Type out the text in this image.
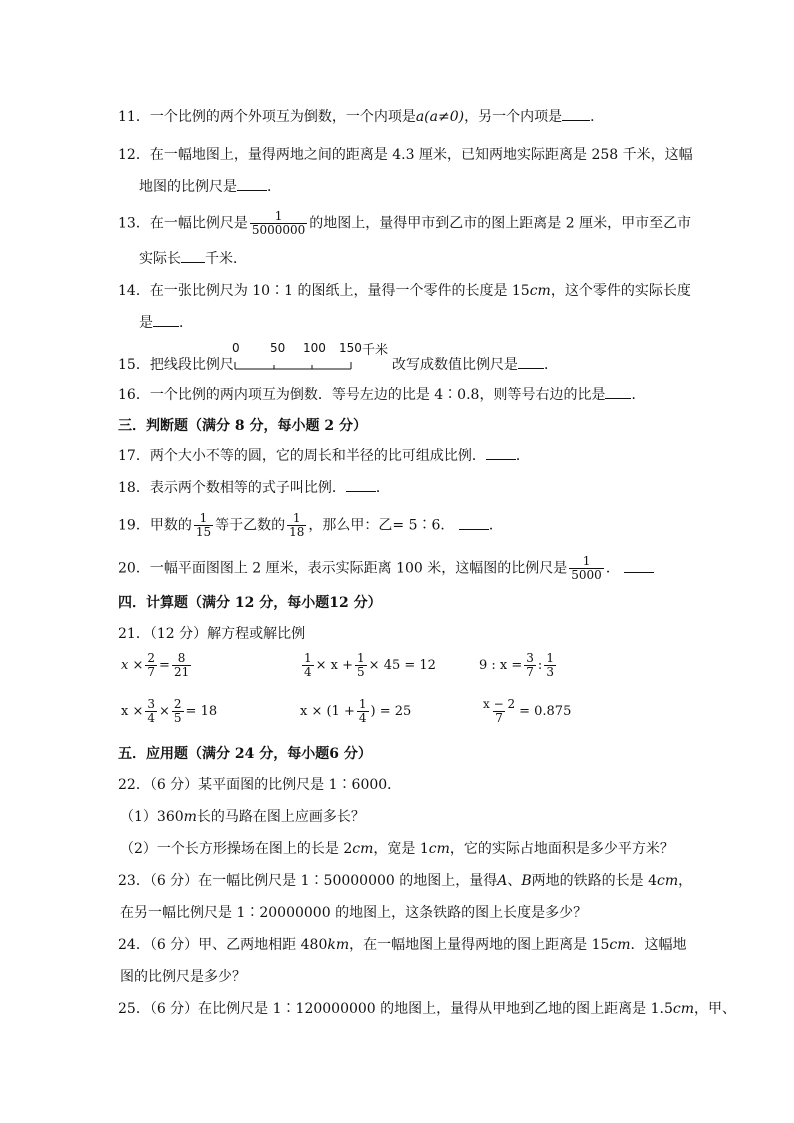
11．一个比例的两个外项互为倒数，一个内项是a(a≠0)，另一个内项是 ．
12．在一幅地图上，量得两地之间的距离是 4.3 厘米，已知两地实际距离是 258 千米，这幅
地图的比例尺是 ．
13．在一幅比例尺是 $\frac{1}{5000000}$ 的地图上，量得甲市到乙市的图上距离是 2 厘米，甲市至乙市
实际长 千米．
14．在一张比例尺为 10∶1 的图纸上，量得一个零件的长度是 15cm，这个零件的实际长度
是 ．
15．把线段比例尺
0	50 100 150 千米
改写成数值比例尺是 ．
16．一个比例的两内项互为倒数．等号左边的比是 4∶0.8，则等号右边的比是 ．
三．判断题（满分 8 分，每小题 2 分）
17．两个大小不等的圆，它的周长和半径的比可组成比例． ．
18．表示两个数相等的式子叫比例． ．
19．甲数的 $\frac{1}{15}$ 等于乙数的 $\frac{1}{18}$ ，那么甲：乙= 5∶6． ．
20．一幅平面图图上 2 厘米，表示实际距离 100 米，这幅图的比例尺是 $\frac{1}{5000}$ ．
四．计算题（满分 12 分，每小题12 分）
21．（12 分）解方程或解比例
x
× $\frac{2}{7} = \frac{8}{21}$	$\frac{1}{4} \times x + \frac{1}{5} \times 45 = 12$	9 : $x = \frac{3}{7}$ : $\frac{1}{3}$
$x \times \frac{3}{4} \times \frac{2}{5} = 18$	$x \times (1 + \frac{1}{4}$ ) = 25	$\frac{x - 2}{7} = 0.875$
五．应用题（满分 24 分，每小题6 分）
22．（6 分）某平面图的比例尺是 1∶6000．
（1）360m长的马路在图上应画多长？
（2）一个长方形操场在图上的长是 2cm，宽是 1cm，它的实际占地面积是多少平方米？
23．（6 分）在一幅比例尺是 1∶50000000 的地图上，量得A、B两地的铁路的长是 4cm，
在另一幅比例尺是 1∶20000000 的地图上，这条铁路的图上长度是多少？
24．（6 分）甲、乙两地相距 480km，在一幅地图上量得两地的图上距离是 15cm．这幅地
图的比例尺是多少？
25．（6 分）在比例尺是 1∶120000000 的地图上，量得从甲地到乙地的图上距离是 1.5cm，甲、
